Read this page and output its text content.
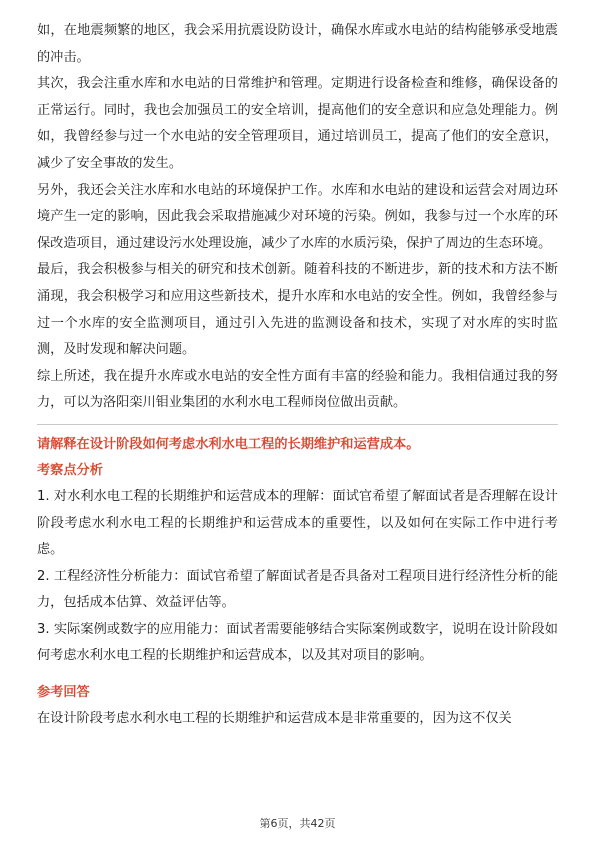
如，在地震频繁的地区，我会采用抗震设防设计，确保水库或水电站的结构能够承受地震的冲击。

其次，我会注重水库和水电站的日常维护和管理。定期进行设备检查和维修，确保设备的正常运行。同时，我也会加强员工的安全培训，提高他们的安全意识和应急处理能力。例如，我曾经参与过一个水电站的安全管理项目，通过培训员工，提高了他们的安全意识，减少了安全事故的发生。

另外，我还会关注水库和水电站的环境保护工作。水库和水电站的建设和运营会对周边环境产生一定的影响，因此我会采取措施减少对环境的污染。例如，我参与过一个水库的环保改造项目，通过建设污水处理设施，减少了水库的水质污染，保护了周边的生态环境。

最后，我会积极参与相关的研究和技术创新。随着科技的不断进步，新的技术和方法不断涌现，我会积极学习和应用这些新技术，提升水库和水电站的安全性。例如，我曾经参与过一个水库的安全监测项目，通过引入先进的监测设备和技术，实现了对水库的实时监测，及时发现和解决问题。

综上所述，我在提升水库或水电站的安全性方面有丰富的经验和能力。我相信通过我的努力，可以为洛阳栾川钼业集团的水利水电工程师岗位做出贡献。

请解释在设计阶段如何考虑水利水电工程的长期维护和运营成本。

考察点分析

1. 对水利水电工程的长期维护和运营成本的理解：面试官希望了解面试者是否理解在设计阶段考虑水利水电工程的长期维护和运营成本的重要性，以及如何在实际工作中进行考虑。

2. 工程经济性分析能力：面试官希望了解面试者是否具备对工程项目进行经济性分析的能力，包括成本估算、效益评估等。

3. 实际案例或数字的应用能力：面试者需要能够结合实际案例或数字，说明在设计阶段如何考虑水利水电工程的长期维护和运营成本，以及其对项目的影响。

参考回答

在设计阶段考虑水利水电工程的长期维护和运营成本是非常重要的，因为这不仅关

第6页，共42页
